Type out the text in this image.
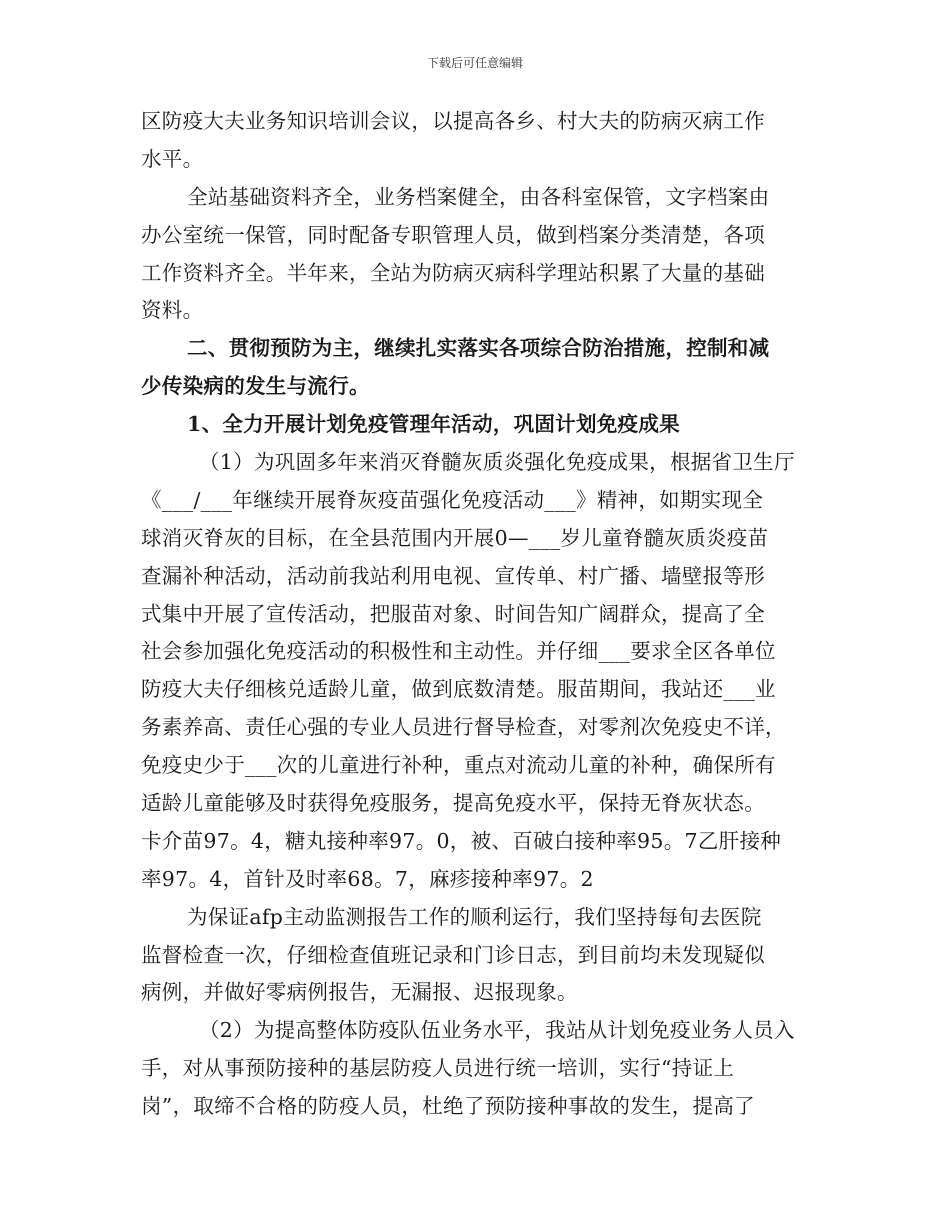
下载后可任意编辑
区防疫大夫业务知识培训会议，以提高各乡、村大夫的防病灭病工作
水平。
全站基础资料齐全，业务档案健全，由各科室保管，文字档案由
办公室统一保管，同时配备专职管理人员，做到档案分类清楚，各项
工作资料齐全。半年来，全站为防病灭病科学理站积累了大量的基础
资料。
二、贯彻预防为主，继续扎实落实各项综合防治措施，控制和减
少传染病的发生与流行。
1、全力开展计划免疫管理年活动，巩固计划免疫成果
（1）为巩固多年来消灭脊髓灰质炎强化免疫成果，根据省卫生厅
《___/___年继续开展脊灰疫苗强化免疫活动___》精神，如期实现全
球消灭脊灰的目标，在全县范围内开展0—___岁儿童脊髓灰质炎疫苗
查漏补种活动，活动前我站利用电视、宣传单、村广播、墙壁报等形
式集中开展了宣传活动，把服苗对象、时间告知广阔群众，提高了全
社会参加强化免疫活动的积极性和主动性。并仔细___要求全区各单位
防疫大夫仔细核兑适龄儿童，做到底数清楚。服苗期间，我站还___业
务素养高、责任心强的专业人员进行督导检查，对零剂次免疫史不详，
免疫史少于___次的儿童进行补种，重点对流动儿童的补种，确保所有
适龄儿童能够及时获得免疫服务，提高免疫水平，保持无脊灰状态。
卡介苗97。4，糖丸接种率97。0，被、百破白接种率95。7乙肝接种
率97。4，首针及时率68。7，麻疹接种率97。2
为保证afp主动监测报告工作的顺利运行，我们坚持每旬去医院
监督检查一次，仔细检查值班记录和门诊日志，到目前均未发现疑似
病例，并做好零病例报告，无漏报、迟报现象。
（2）为提高整体防疫队伍业务水平，我站从计划免疫业务人员入
手，对从事预防接种的基层防疫人员进行统一培训，实行“持证上
岗”，取缔不合格的防疫人员，杜绝了预防接种事故的发生，提高了
